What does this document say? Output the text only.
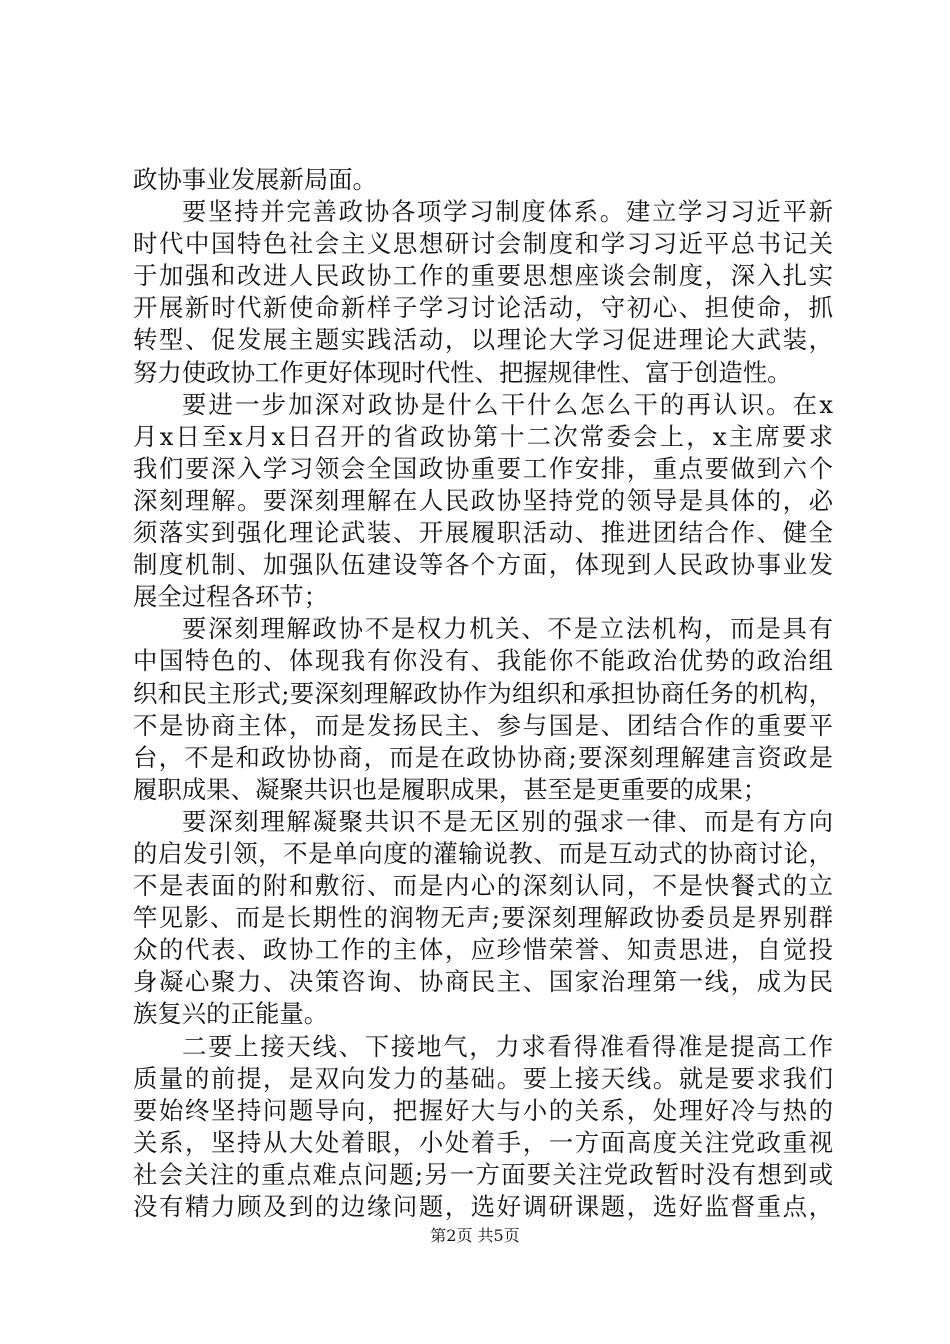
政协事业发展新局面。
要坚持并完善政协各项学习制度体系。建立学习习近平新
时代中国特色社会主义思想研讨会制度和学习习近平总书记关
于加强和改进人民政协工作的重要思想座谈会制度，深入扎实
开展新时代新使命新样子学习讨论活动，守初心、担使命，抓
转型、促发展主题实践活动，以理论大学习促进理论大武装，
努力使政协工作更好体现时代性、把握规律性、富于创造性。
要进一步加深对政协是什么干什么怎么干的再认识。在x
月x日至x月x日召开的省政协第十二次常委会上，x主席要求
我们要深入学习领会全国政协重要工作安排，重点要做到六个
深刻理解。要深刻理解在人民政协坚持党的领导是具体的，必
须落实到强化理论武装、开展履职活动、推进团结合作、健全
制度机制、加强队伍建设等各个方面，体现到人民政协事业发
展全过程各环节；
要深刻理解政协不是权力机关、不是立法机构，而是具有
中国特色的、体现我有你没有、我能你不能政治优势的政治组
织和民主形式;要深刻理解政协作为组织和承担协商任务的机构，
不是协商主体，而是发扬民主、参与国是、团结合作的重要平
台，不是和政协协商，而是在政协协商;要深刻理解建言资政是
履职成果、凝聚共识也是履职成果，甚至是更重要的成果；
要深刻理解凝聚共识不是无区别的强求一律、而是有方向
的启发引领，不是单向度的灌输说教、而是互动式的协商讨论，
不是表面的附和敷衍、而是内心的深刻认同，不是快餐式的立
竿见影、而是长期性的润物无声;要深刻理解政协委员是界别群
众的代表、政协工作的主体，应珍惜荣誉、知责思进，自觉投
身凝心聚力、决策咨询、协商民主、国家治理第一线，成为民
族复兴的正能量。
二要上接天线、下接地气，力求看得准看得准是提高工作
质量的前提，是双向发力的基础。要上接天线。就是要求我们
要始终坚持问题导向，把握好大与小的关系，处理好冷与热的
关系，坚持从大处着眼，小处着手，一方面高度关注党政重视
社会关注的重点难点问题;另一方面要关注党政暂时没有想到或
没有精力顾及到的边缘问题，选好调研课题，选好监督重点，
第2页 共5页
